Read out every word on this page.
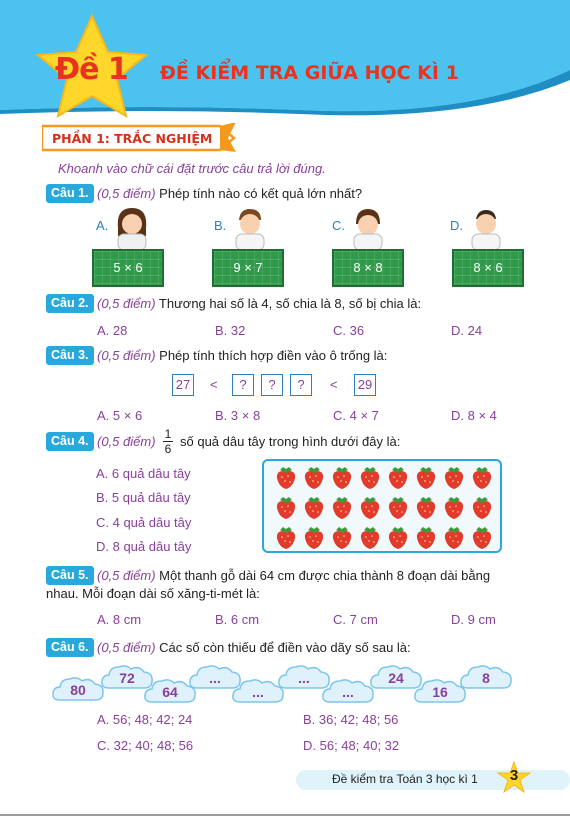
Đề 1 ĐỀ KIỂM TRA GIỮA HỌC KÌ 1
PHẦN 1: TRẮC NGHIỆM
Khoanh vào chữ cái đặt trước câu trả lời đúng.
Câu 1. (0,5 điểm) Phép tính nào có kết quả lớn nhất?
A.
5 × 6
B.
9 × 7
C.
8 × 8
D.
8 × 6
Câu 2. (0,5 điểm) Thương hai số là 4, số chia là 8, số bị chia là:
A. 28	B. 32	C. 36	D. 24
Câu 3. (0,5 điểm) Phép tính thích hợp điền vào ô trống là:
27 <	?	?	?	< 29
A. 5 × 6	B. 3 × 8	C. 4 × 7	D. 8 × 4
Câu 4. (0,5 điểm) 1
6 số quả dâu tây trong hình dưới đây là:
A. 6 quả dâu tây
B. 5 quả dâu tây
C. 4 quả dâu tây
D. 8 quả dâu tây
Câu 5. (0,5 điểm) Một thanh gỗ dài 64 cm được chia thành 8 đoạn dài bằng
nhau. Mỗi đoạn dài số xăng-ti-mét là:
A. 8 cm	B. 6 cm	C. 7 cm	D. 9 cm
Câu 6. (0,5 điểm) Các số còn thiếu để điền vào dãy số sau là:
80
72
64
...
...
...
...
24
16
8
A. 56; 48; 42; 24	B. 36; 42; 48; 56
C. 32; 40; 48; 56	D. 56; 48; 40; 32
Đề kiểm tra Toán 3 học kì 1 3
